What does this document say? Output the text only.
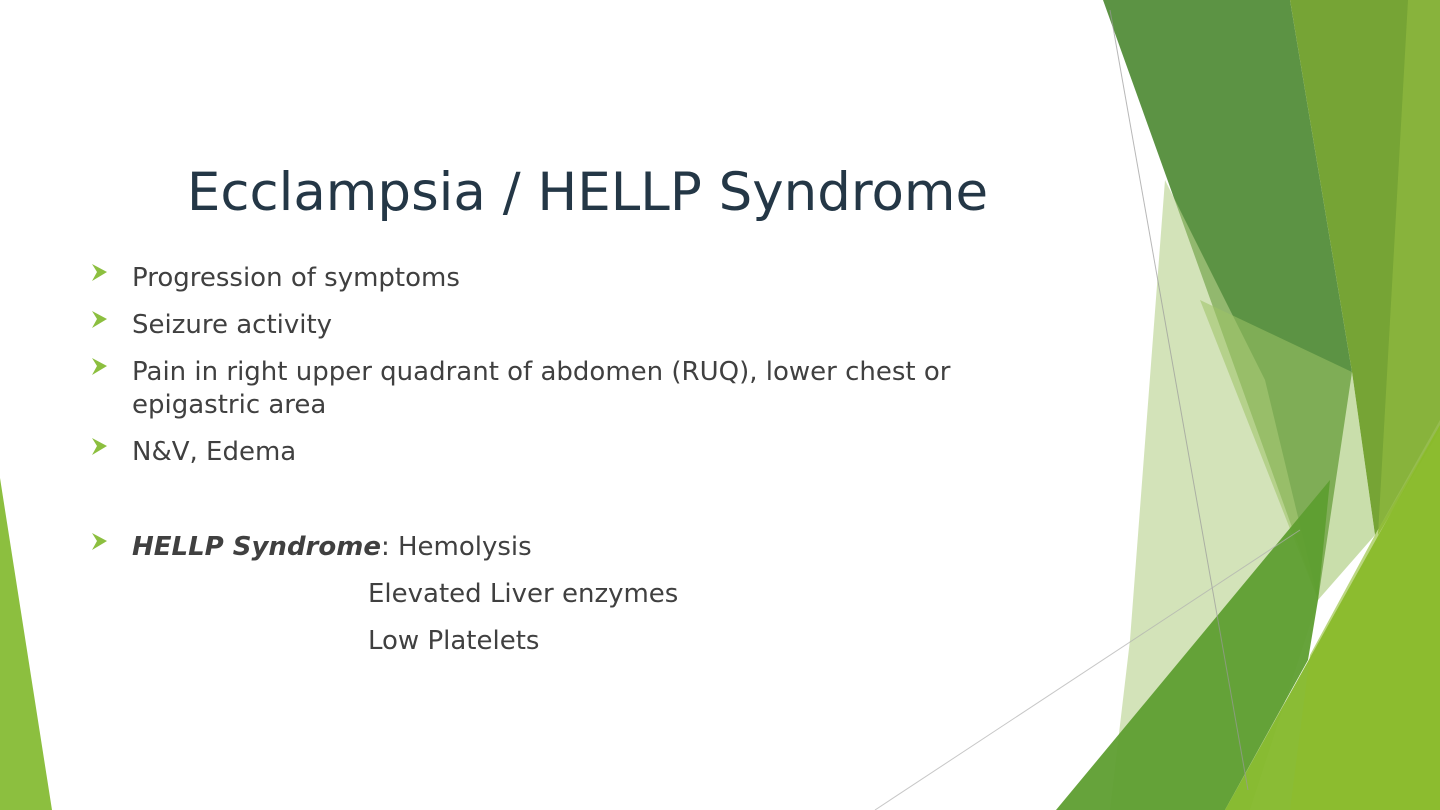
Ecclampsia / HELLP Syndrome
Progression of symptoms
Seizure activity
Pain in right upper quadrant of abdomen (RUQ), lower chest or
epigastric area
N&V, Edema
HELLP Syndrome: Hemolysis
Elevated Liver enzymes
Low Platelets
